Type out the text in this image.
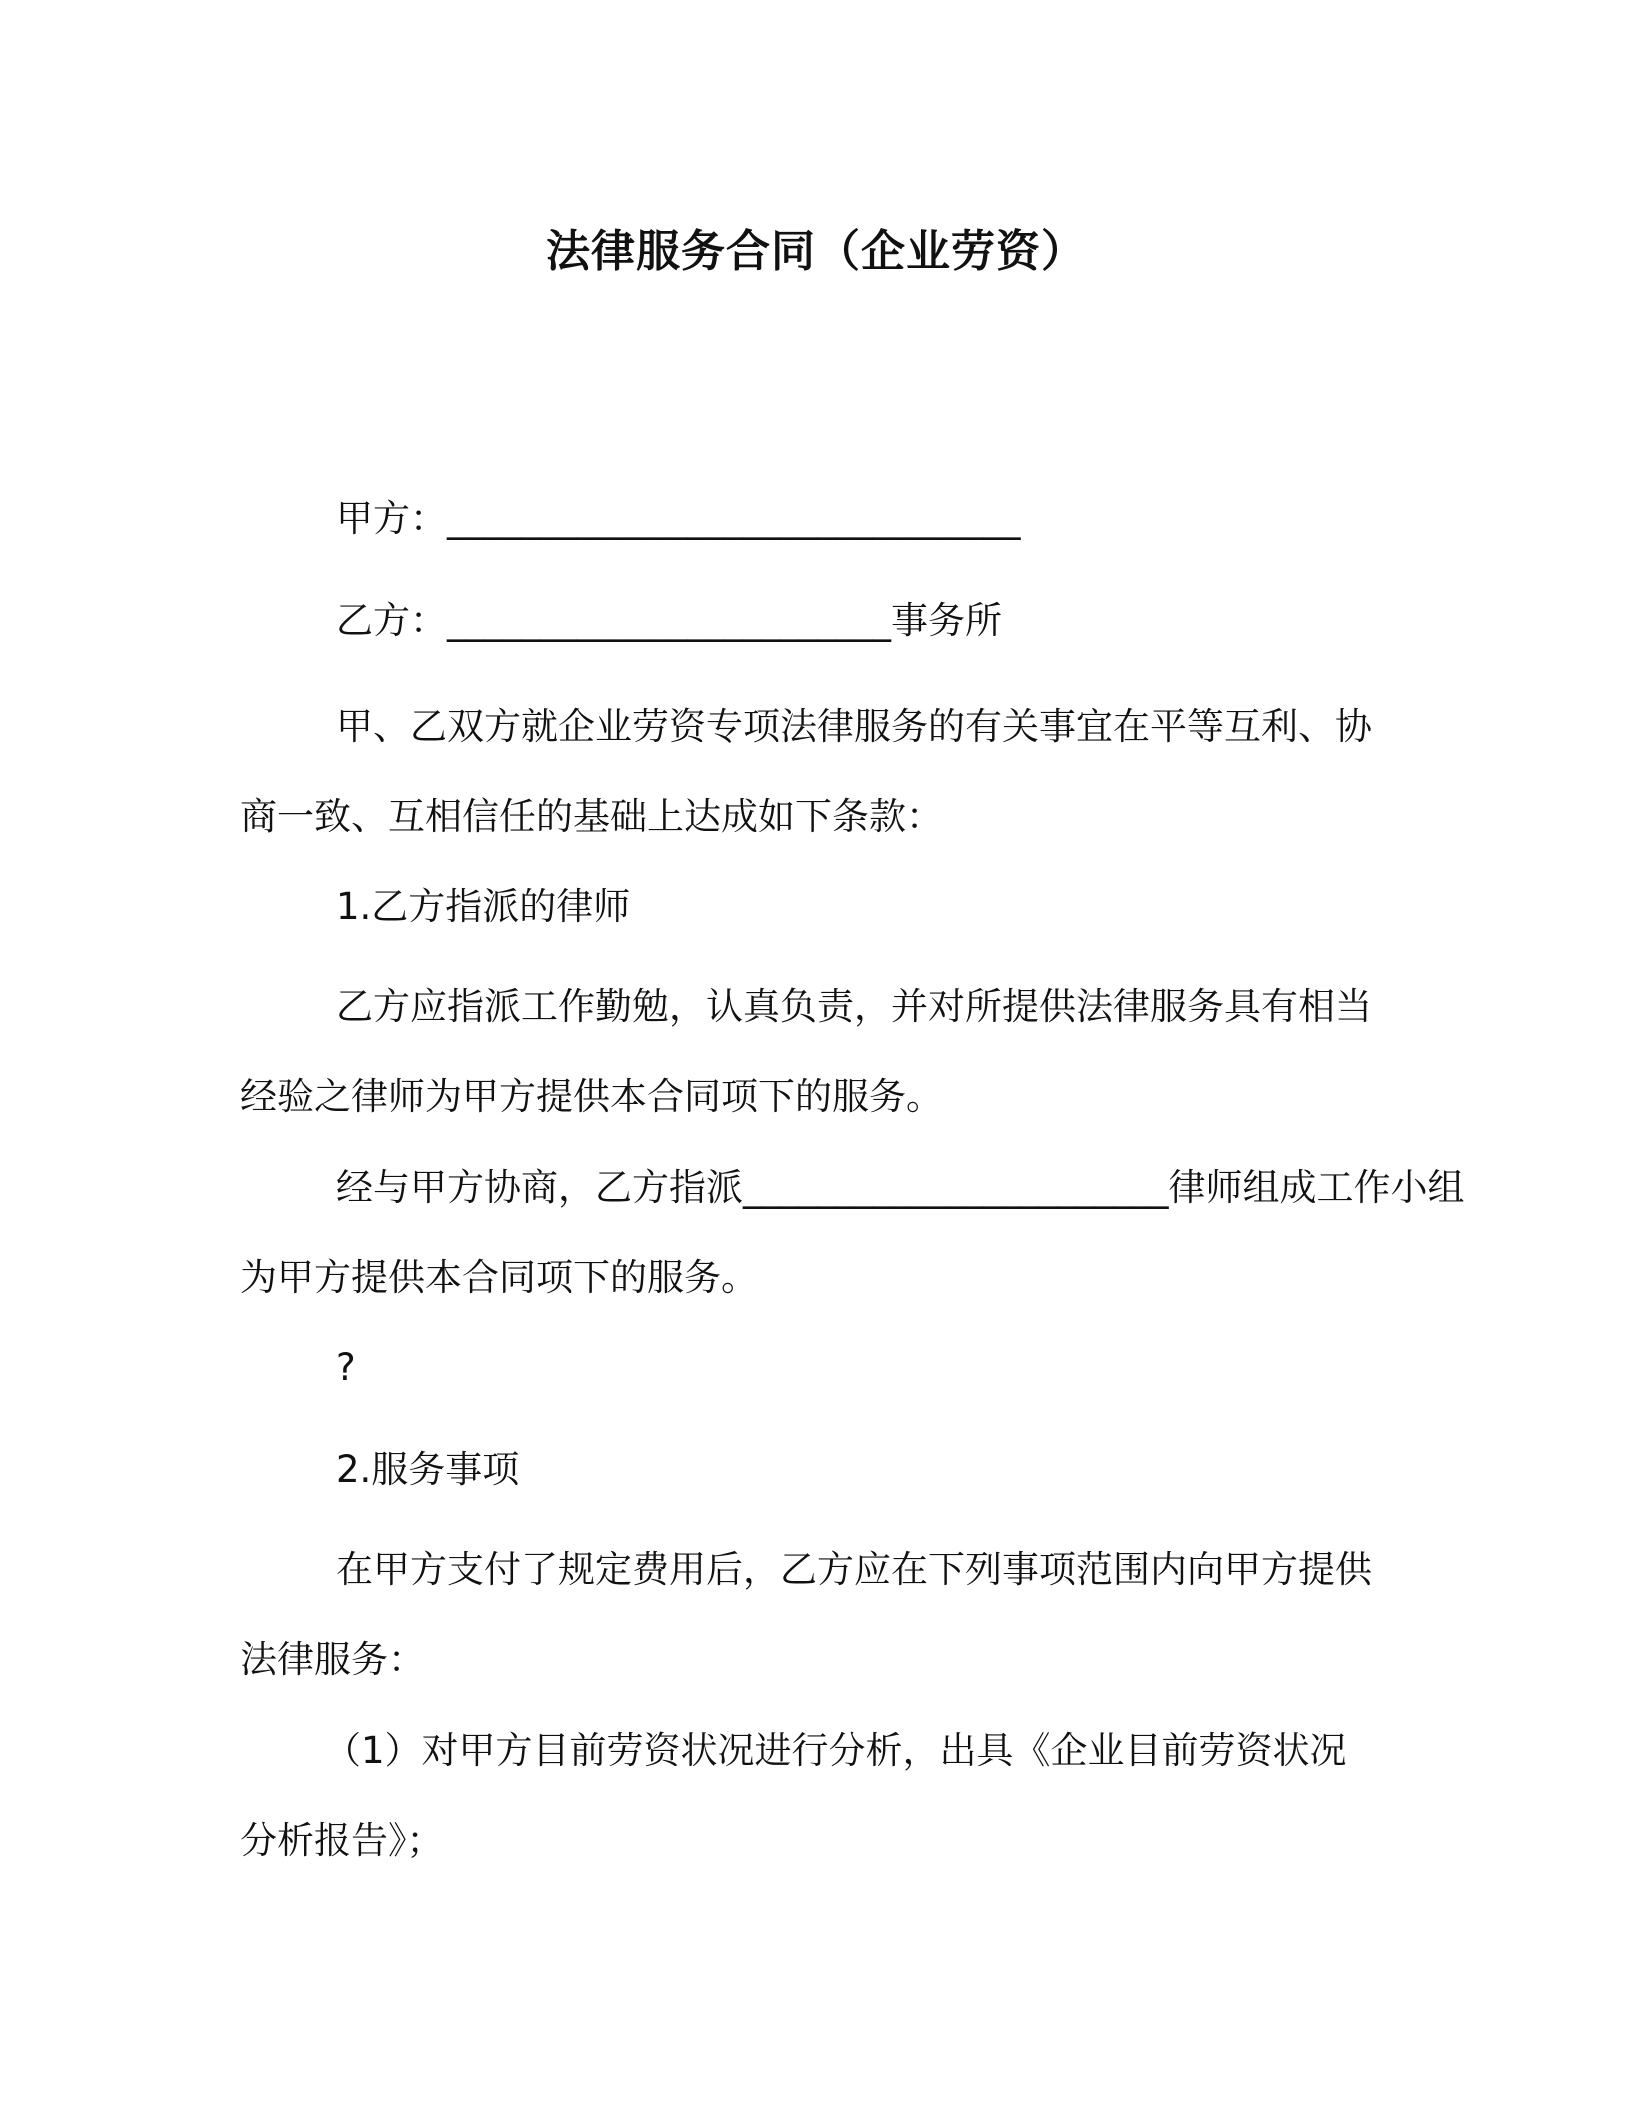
法律服务合同（企业劳资）
甲方：_______________________________
乙方：________________________事务所
甲、乙双方就企业劳资专项法律服务的有关事宜在平等互利、协
商一致、互相信任的基础上达成如下条款：
1.乙方指派的律师
乙方应指派工作勤勉，认真负责，并对所提供法律服务具有相当
经验之律师为甲方提供本合同项下的服务。
经与甲方协商，乙方指派_______________________律师组成工作小组
为甲方提供本合同项下的服务。
?
2.服务事项
在甲方支付了规定费用后，乙方应在下列事项范围内向甲方提供
法律服务：
（1）对甲方目前劳资状况进行分析，出具《企业目前劳资状况
分析报告》；
